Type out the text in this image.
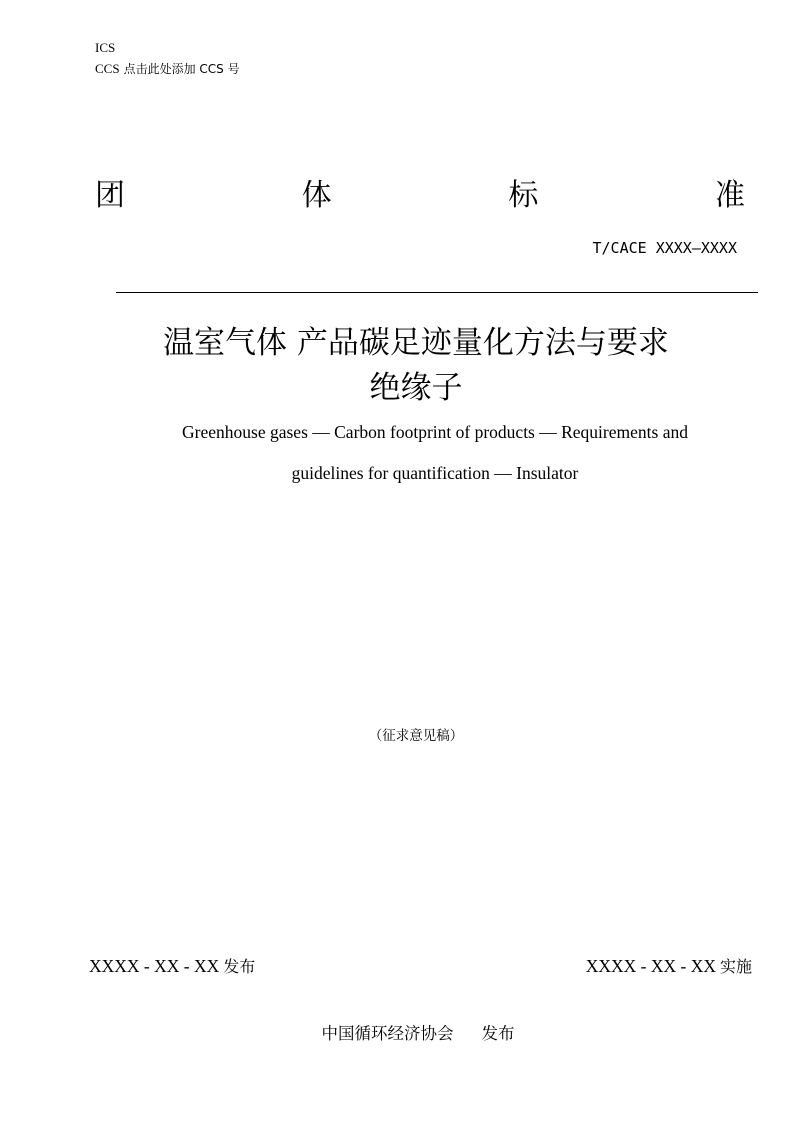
ICS
CCS 点击此处添加 CCS 号
团	体	标	准
T/CACE XXXX—XXXX
温室气体 产品碳足迹量化方法与要求
绝缘子
Greenhouse gases — Carbon footprint of products — Requirements and
guidelines for quantification — Insulator
（征求意见稿）
XXXX - XX - XX 发布	XXXX - XX - XX 实施
中国循环经济协会 发布
